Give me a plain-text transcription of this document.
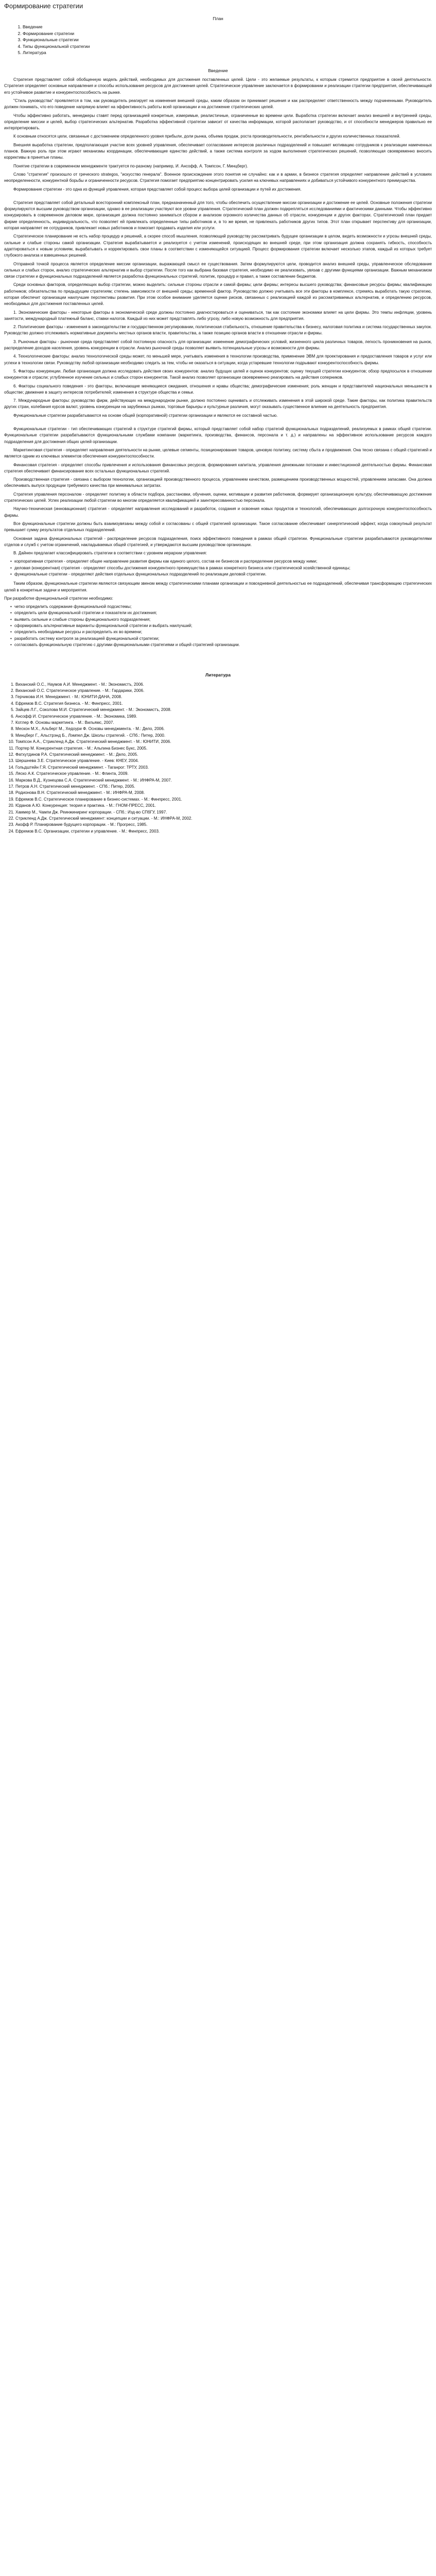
Формирование стратегии
План
1. Введение
2. Формирование стратегии
3. Функциональные стратегии
4. Типы функциональной стратегии
5. Литература
Введение

Стратегия представляет собой обобщенную модель действий, необходимых для достижения поставленных целей. Цели - это желаемые результаты, к которым стремится предприятие в своей деятельности. Стратегия определяет основные направления и способы использования ресурсов для достижения целей. Стратегическое управление заключается в формировании и реализации стратегии предприятия, обеспечивающей его устойчивое развитие и конкурентоспособность на рынке.

"Стиль руководства" проявляется в том, как руководитель реагирует на изменения внешней среды, каким образом он принимает решения и как распределяет ответственность между подчиненными. Руководитель должен понимать, что его поведение напрямую влияет на эффективность работы всей организации и на достижение стратегических целей.

Чтобы эффективно работать, менеджеры ставят перед организацией конкретные, измеримые, реалистичные, ограниченные во времени цели. Выработка стратегии включает анализ внешней и внутренней среды, определение миссии и целей, выбор стратегических альтернатив. Разработка эффективной стратегии зависит от качества информации, которой располагает руководство, и от способности менеджеров правильно ее интерпретировать.

К основным относятся цели, связанные с достижением определенного уровня прибыли, доли рынка, объема продаж, роста производительности, рентабельности и других количественных показателей.

Внешняя выработка стратегии, предполагающая участие всех уровней управления, обеспечивает согласование интересов различных подразделений и повышает мотивацию сотрудников к реализации намеченных планов. Важную роль при этом играют механизмы координации, обеспечивающие единство действий, а также система контроля за ходом выполнения стратегических решений, позволяющая своевременно вносить коррективы в принятые планы.

Понятие стратегии в современном менеджменте трактуется по-разному (например, И. Ансофф, А. Томпсон, Г. Минцберг).

Слово "стратегия" произошло от греческого strategos, "искусство генерала". Военное происхождение этого понятия не случайно: как и в армии, в бизнесе стратегия определяет направление действий в условиях неопределенности, конкурентной борьбы и ограниченности ресурсов. Стратегия помогает предприятию концентрировать усилия на ключевых направлениях и добиваться устойчивого конкурентного преимущества.

Формирование стратегии - это одна из функций управления, которая представляет собой процесс выбора целей организации и путей их достижения.

Стратегия представляет собой детальный всесторонний комплексный план, предназначенный для того, чтобы обеспечить осуществление миссии организации и достижение ее целей. Основные положения стратегии формулируются высшим руководством организации, однако в ее реализации участвуют все уровни управления. Стратегический план должен подкрепляться исследованиями и фактическими данными. Чтобы эффективно конкурировать в современном деловом мире, организация должна постоянно заниматься сбором и анализом огромного количества данных об отрасли, конкуренции и других факторах. Стратегический план придает фирме определенность, индивидуальность, что позволяет ей привлекать определенные типы работников и, в то же время, не привлекать работников других типов. Этот план открывает перспективу для организации, которая направляет ее сотрудников, привлекает новых работников и помогает продавать изделия или услуги.

Стратегическое планирование не есть набор процедур и решений, а скорее способ мышления, позволяющий руководству рассматривать будущее организации в целом, видеть возможности и угрозы внешней среды, сильные и слабые стороны самой организации. Стратегия вырабатывается и реализуется с учетом изменений, происходящих во внешней среде, при этом организация должна сохранять гибкость, способность адаптироваться к новым условиям, вырабатывать и корректировать свои планы в соответствии с изменяющейся ситуацией. Процесс формирования стратегии включает несколько этапов, каждый из которых требует глубокого анализа и взвешенных решений.

Отправной точкой процесса является определение миссии организации, выражающей смысл ее существования. Затем формулируются цели, проводится анализ внешней среды, управленческое обследование сильных и слабых сторон, анализ стратегических альтернатив и выбор стратегии. После того как выбрана базовая стратегия, необходимо ее реализовать, увязав с другими функциями организации. Важным механизмом связи стратегии и функциональных подразделений является разработка функциональных стратегий, политик, процедур и правил, а также составление бюджетов.

Среди основных факторов, определяющих выбор стратегии, можно выделить: сильные стороны отрасли и самой фирмы; цели фирмы; интересы высшего руководства; финансовые ресурсы фирмы; квалификацию работников; обязательства по предыдущим стратегиям; степень зависимости от внешней среды; временной фактор. Руководство должно учитывать все эти факторы в комплексе, стремясь выработать такую стратегию, которая обеспечит организации наилучшие перспективы развития. При этом особое внимание уделяется оценке рисков, связанных с реализацией каждой из рассматриваемых альтернатив, и определению ресурсов, необходимых для достижения поставленных целей.

1. Экономические факторы - некоторые факторы в экономической среде должны постоянно диагностироваться и оцениваться, так как состояние экономики влияет на цели фирмы. Это темпы инфляции, уровень занятости, международный платежный баланс, ставки налогов. Каждый из них может представлять либо угрозу, либо новую возможность для предприятия.

2. Политические факторы - изменения в законодательстве и государственном регулировании, политическая стабильность, отношение правительства к бизнесу, налоговая политика и система государственных закупок. Руководство должно отслеживать нормативные документы местных органов власти, правительства, а также позицию органов власти в отношении отрасли и фирмы.

3. Рыночные факторы - рыночная среда представляет собой постоянную опасность для организации: изменение демографических условий, жизненного цикла различных товаров, легкость проникновения на рынок, распределение доходов населения, уровень конкуренции в отрасли. Анализ рыночной среды позволяет выявить потенциальные угрозы и возможности для фирмы.

4. Технологические факторы: анализ технологической среды может, по меньшей мере, учитывать изменения в технологии производства, применение ЭВМ для проектирования и предоставления товаров и услуг или успехи в технологии связи. Руководству любой организации необходимо следить за тем, чтобы не оказаться в ситуации, когда устаревшие технологии подрывают конкурентоспособность фирмы.

5. Факторы конкуренции. Любая организация должна исследовать действия своих конкурентов: анализ будущих целей и оценок конкурентов; оценку текущей стратегии конкурентов; обзор предпосылок в отношении конкурентов и отрасли; углубленное изучение сильных и слабых сторон конкурентов. Такой анализ позволяет организации своевременно реагировать на действия соперников.

6. Факторы социального поведения - это факторы, включающие меняющиеся ожидания, отношения и нравы общества; демографические изменения; роль женщин и представителей национальных меньшинств в обществе; движение в защиту интересов потребителей; изменения в структуре общества и семьи.

7. Международные факторы: руководство фирм, действующих на международном рынке, должно постоянно оценивать и отслеживать изменения в этой широкой среде. Такие факторы, как политика правительств других стран, колебания курсов валют, уровень конкуренции на зарубежных рынках, торговые барьеры и культурные различия, могут оказывать существенное влияние на деятельность предприятия.

Функциональные стратегии разрабатываются на основе общей (корпоративной) стратегии организации и являются ее составной частью.

Функциональные стратегии - тип обеспечивающих стратегий в структуре стратегий фирмы, который представляет собой набор стратегий функциональных подразделений, реализуемых в рамках общей стратегии. Функциональные стратегии разрабатываются функциональными службами компании (маркетинга, производства, финансов, персонала и т. д.) и направлены на эффективное использование ресурсов каждого подразделения для достижения общих целей организации.

Маркетинговая стратегия - определяет направления деятельности на рынке, целевые сегменты, позиционирование товаров, ценовую политику, систему сбыта и продвижения. Она тесно связана с общей стратегией и является одним из ключевых элементов обеспечения конкурентоспособности.

Финансовая стратегия - определяет способы привлечения и использования финансовых ресурсов, формирования капитала, управления денежными потоками и инвестиционной деятельностью фирмы. Финансовая стратегия обеспечивает финансирование всех остальных функциональных стратегий.

Производственная стратегия - связана с выбором технологии, организацией производственного процесса, управлением качеством, размещением производственных мощностей, управлением запасами. Она должна обеспечивать выпуск продукции требуемого качества при минимальных затратах.

Стратегия управления персоналом - определяет политику в области подбора, расстановки, обучения, оценки, мотивации и развития работников, формирует организационную культуру, обеспечивающую достижение стратегических целей. Успех реализации любой стратегии во многом определяется квалификацией и заинтересованностью персонала.

Научно-техническая (инновационная) стратегия - определяет направления исследований и разработок, создания и освоения новых продуктов и технологий, обеспечивающих долгосрочную конкурентоспособность фирмы.

Все функциональные стратегии должны быть взаимоувязаны между собой и согласованы с общей стратегией организации. Такое согласование обеспечивает синергетический эффект, когда совокупный результат превышает сумму результатов отдельных подразделений.

Основная задача функциональных стратегий - распределение ресурсов подразделения, поиск эффективного поведения в рамках общей стратегии. Функциональные стратегии разрабатываются руководителями отделов и служб с учетом ограничений, накладываемых общей стратегией, и утверждаются высшим руководством организации.

В. Дайнен предлагает классифицировать стратегии в соответствии с уровнем иерархии управления:

• корпоративная стратегия - определяет общее направление развития фирмы как единого целого, состав ее бизнесов и распределение ресурсов между ними;
• деловая (конкурентная) стратегия - определяет способы достижения конкурентного преимущества в рамках конкретного бизнеса или стратегической хозяйственной единицы;
• функциональные стратегии - определяют действия отдельных функциональных подразделений по реализации деловой стратегии.

Таким образом, функциональные стратегии являются связующим звеном между стратегическими планами организации и повседневной деятельностью ее подразделений, обеспечивая трансформацию стратегических целей в конкретные задачи и мероприятия.

При разработке функциональной стратегии необходимо:

• четко определить содержание функциональной подсистемы;
• определить цели функциональной стратегии и показатели их достижения;
• выявить сильные и слабые стороны функционального подразделения;
• сформировать альтернативные варианты функциональной стратегии и выбрать наилучший;
• определить необходимые ресурсы и распределить их во времени;
• разработать систему контроля за реализацией функциональной стратегии;
• согласовать функциональную стратегию с другими функциональными стратегиями и общей стратегией организации.
Литература
1. Виханский О.С., Наумов А.И. Менеджмент. - М.: Экономистъ, 2006.
2. Виханский О.С. Стратегическое управление. - М.: Гардарики, 2006.
3. Герчикова И.Н. Менеджмент. - М.: ЮНИТИ-ДАНА, 2008.
4. Ефремов В.С. Стратегия бизнеса. - М.: Финпресс, 2001.
5. Зайцев Л.Г., Соколова М.И. Стратегический менеджмент. - М.: Экономистъ, 2008.
6. Ансофф И. Стратегическое управление. - М.: Экономика, 1989.
7. Котлер Ф. Основы маркетинга. - М.: Вильямс, 2007.
8. Мескон М.Х., Альберт М., Хедоури Ф. Основы менеджмента. - М.: Дело, 2006.
9. Минцберг Г., Альстрэнд Б., Лэмпел Дж. Школы стратегий. - СПб.: Питер, 2000.
10. Томпсон А.А., Стрикленд А.Дж. Стратегический менеджмент. - М.: ЮНИТИ, 2006.
11. Портер М. Конкурентная стратегия. - М.: Альпина Бизнес Букс, 2005.
12. Фатхутдинов Р.А. Стратегический менеджмент. - М.: Дело, 2005.
13. Шершнева З.Е. Стратегическое управление. - Киев: КНЕУ, 2004.
14. Гольдштейн Г.Я. Стратегический менеджмент. - Таганрог: ТРТУ, 2003.
15. Ляско А.К. Стратегическое управление. - М.: Флинта, 2009.
16. Маркова В.Д., Кузнецова С.А. Стратегический менеджмент. - М.: ИНФРА-М, 2007.
17. Петров А.Н. Стратегический менеджмент. - СПб.: Питер, 2005.
18. Родионова В.Н. Стратегический менеджмент. - М.: ИНФРА-М, 2008.
19. Ефремов В.С. Стратегическое планирование в бизнес-системах. - М.: Финпресс, 2001.
20. Юданов А.Ю. Конкуренция: теория и практика. - М.: ГНОМ-ПРЕСС, 2001.
21. Хаммер М., Чампи Дж. Реинжиниринг корпорации. - СПб.: Изд-во СПбГУ, 1997.
22. Стрикленд А.Дж. Стратегический менеджмент: концепции и ситуации. - М.: ИНФРА-М, 2002.
23. Акофф Р. Планирование будущего корпорации. - М.: Прогресс, 1985.
24. Ефремов В.С. Организации, стратегии и управление. - М.: Финпресс, 2003.
